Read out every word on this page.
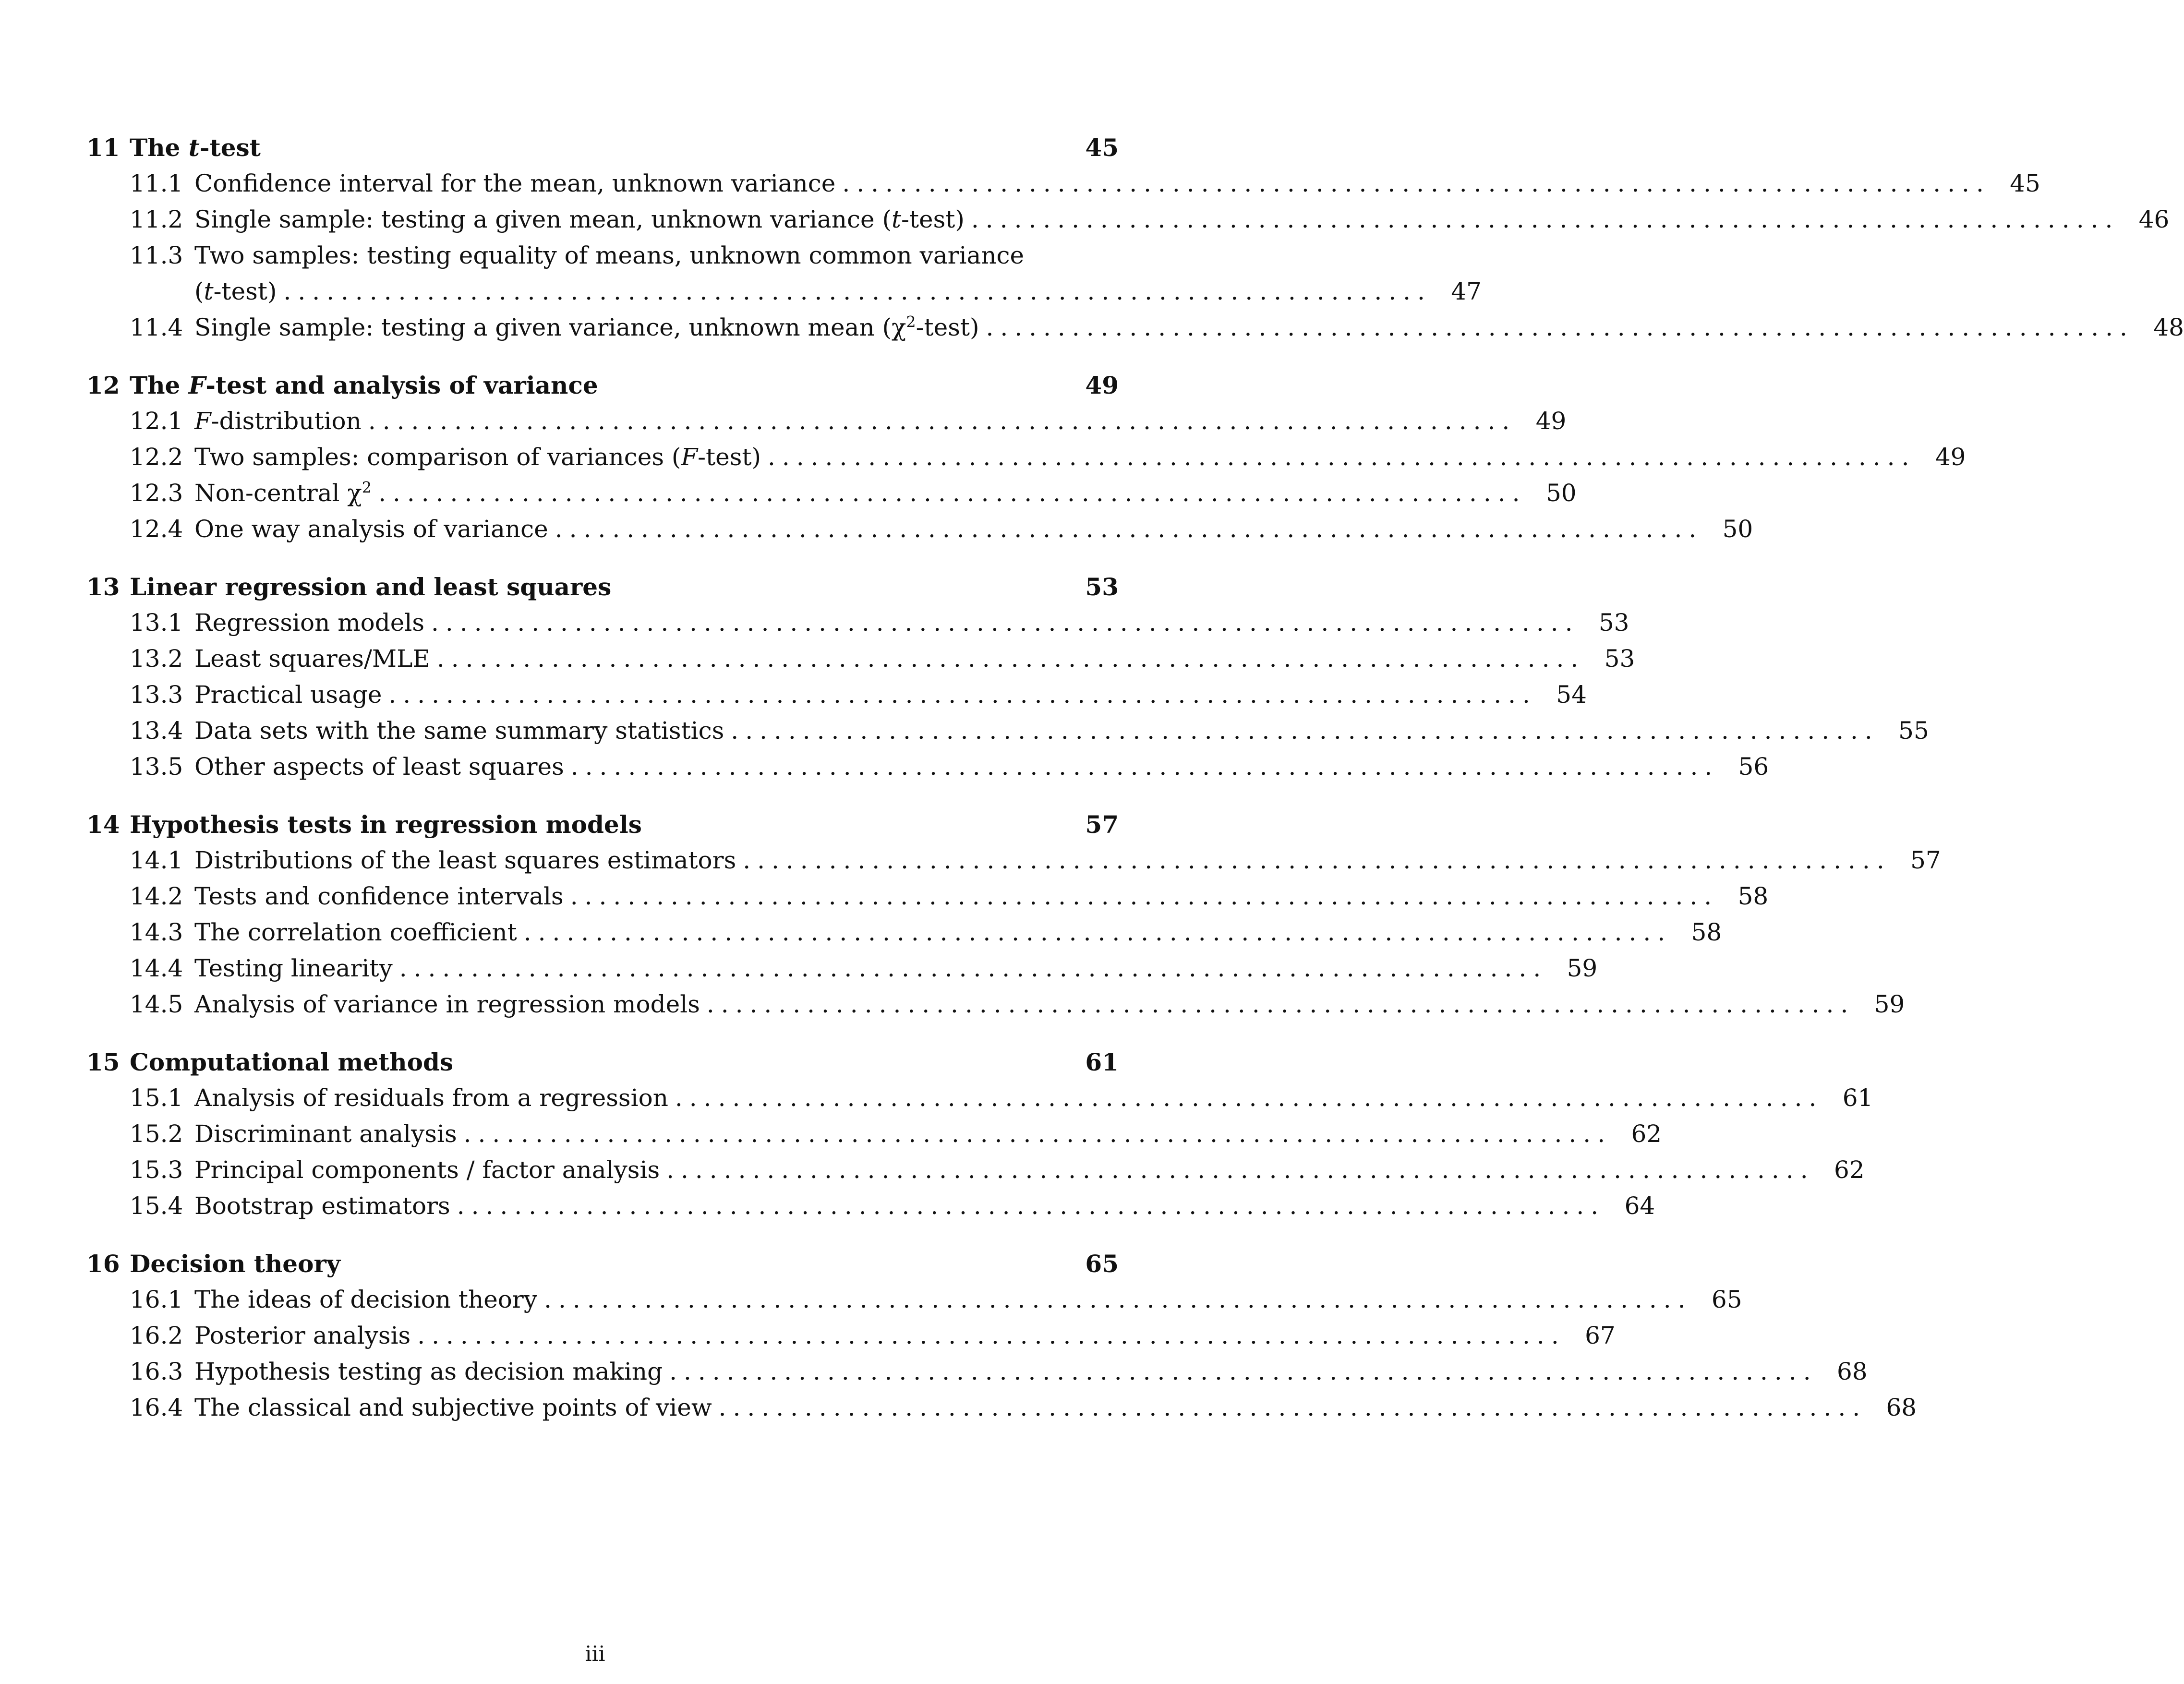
11 The t-test	45
11.1 Confidence interval for the mean, unknown variance ................................................................................ 45
11.2 Single sample: testing a given mean, unknown variance (t-test) ................................................................................ 46
11.3 Two samples: testing equality of means, unknown common variance
(t-test) ................................................................................ 47
11.4 Single sample: testing a given variance, unknown mean $(\chi^2-test)$ ................................................................................ 48
12 The F-test and analysis of variance	49
12.1 F-distribution ................................................................................ 49
12.2 Two samples: comparison of variances (F-test) ................................................................................ 49
12.3 Non-central $\chi^2$ ................................................................................ 50
12.4 One way analysis of variance ................................................................................ 50
13 Linear regression and least squares	53
13.1 Regression models ................................................................................ 53
13.2 Least squares/MLE ................................................................................ 53
13.3 Practical usage ................................................................................ 54
13.4 Data sets with the same summary statistics ................................................................................ 55
13.5 Other aspects of least squares ................................................................................ 56
14 Hypothesis tests in regression models	57
14.1 Distributions of the least squares estimators ................................................................................ 57
14.2 Tests and confidence intervals ................................................................................ 58
14.3 The correlation coefficient ................................................................................ 58
14.4 Testing linearity ................................................................................ 59
14.5 Analysis of variance in regression models ................................................................................ 59
15 Computational methods	61
15.1 Analysis of residuals from a regression ................................................................................ 61
15.2 Discriminant analysis ................................................................................ 62
15.3 Principal components / factor analysis ................................................................................ 62
15.4 Bootstrap estimators ................................................................................ 64
16 Decision theory	65
16.1 The ideas of decision theory ................................................................................ 65
16.2 Posterior analysis ................................................................................ 67
16.3 Hypothesis testing as decision making ................................................................................ 68
16.4 The classical and subjective points of view ................................................................................ 68
iii
